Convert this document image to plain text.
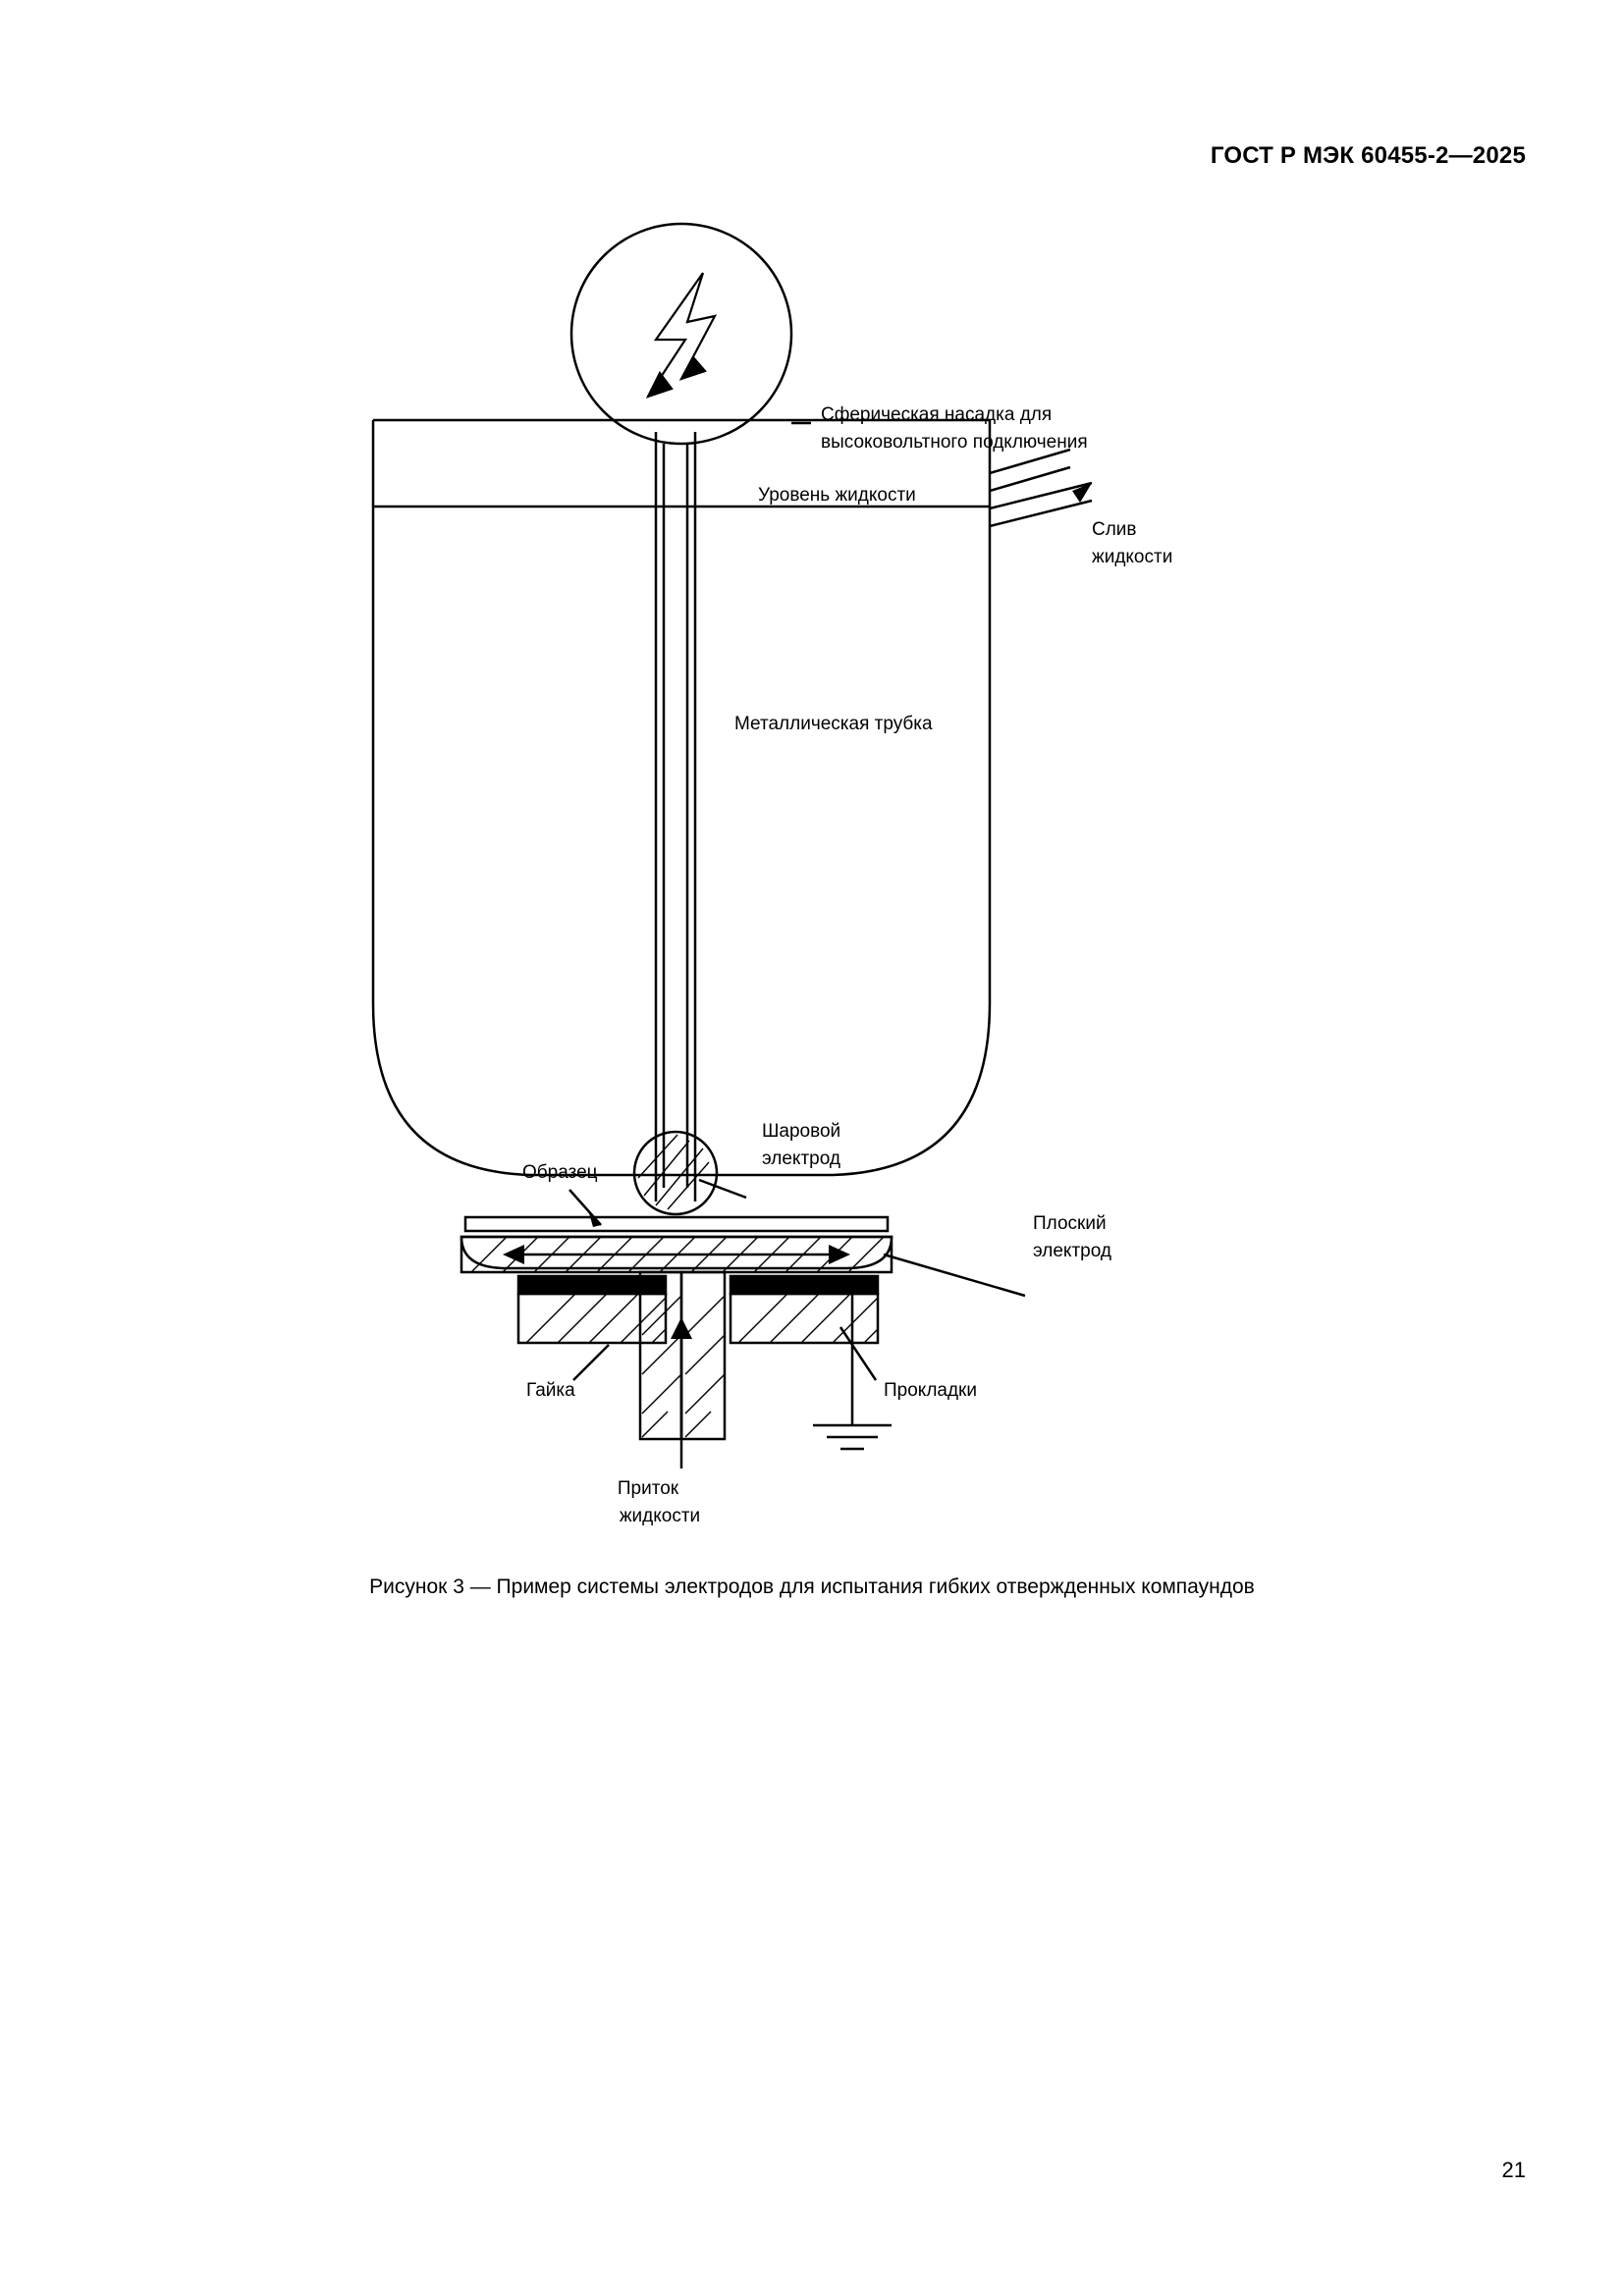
ГОСТ Р МЭК 60455-2—2025
Сферическая насадка для
высоковольтного подключения
Уровень жидкости
Слив
жидкости
Металлическая трубка
Шаровой
электрод
Образец
Плоский
электрод
Гайка	Прокладки
Приток
жидкости
Рисунок 3 — Пример системы электродов для испытания гибких отвержденных компаундов
21
